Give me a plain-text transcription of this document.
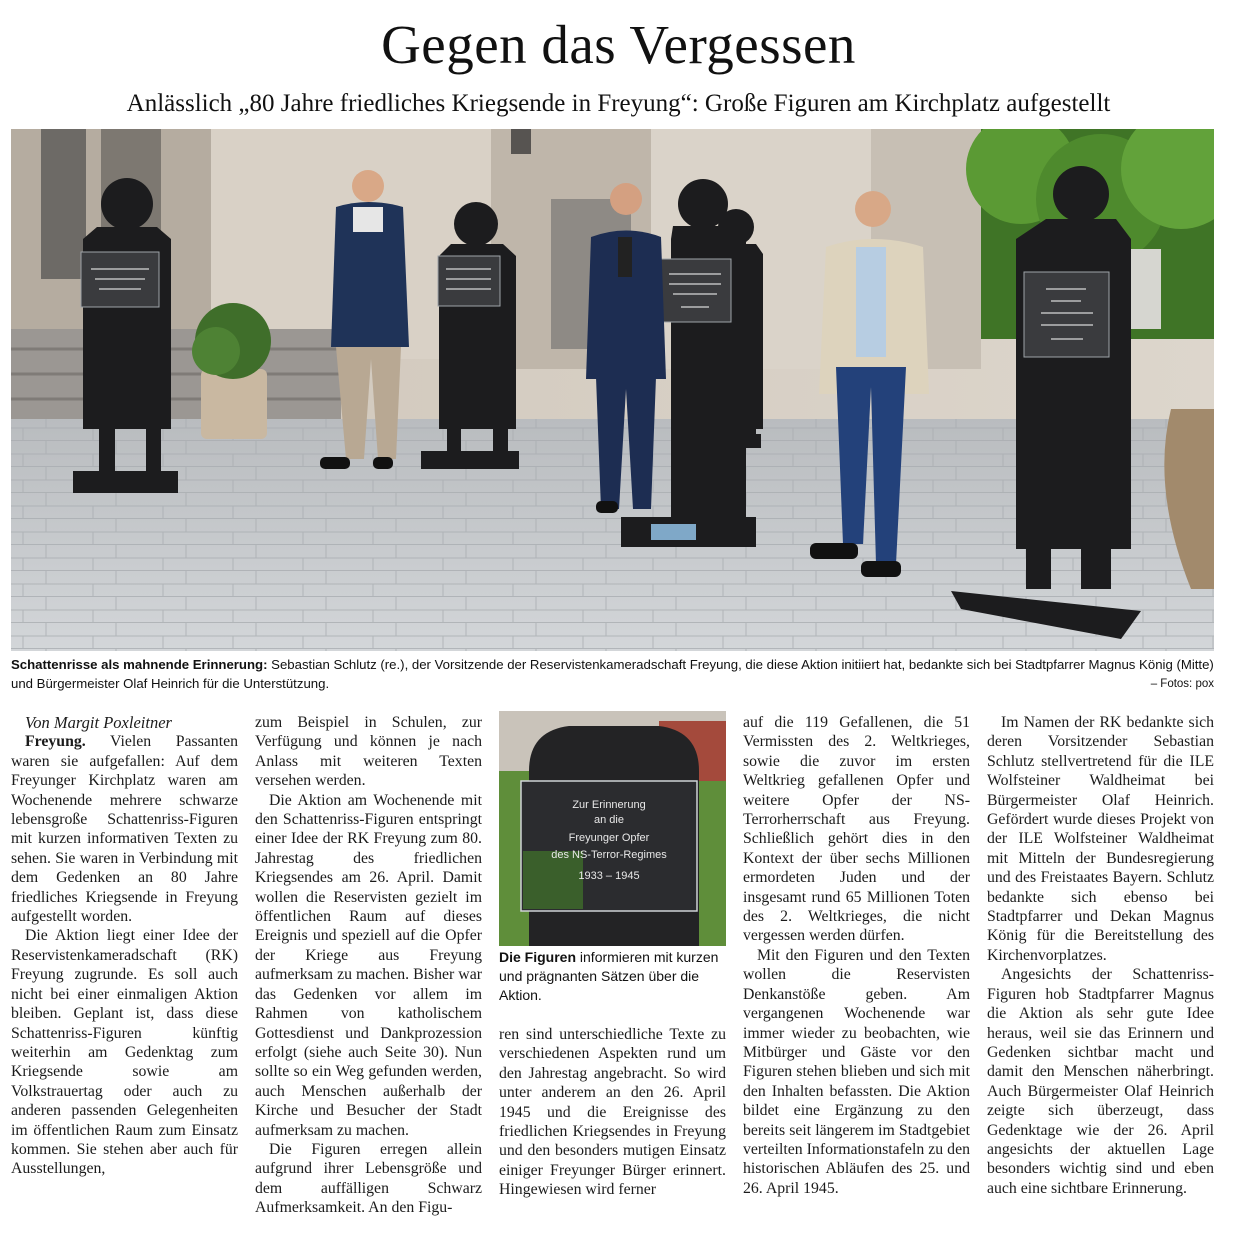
Gegen das Vergessen
Anlässlich „80 Jahre friedliches Kriegsende in Freyung“: Große Figuren am Kirchplatz aufgestellt
Schattenrisse als mahnende Erinnerung: Sebastian Schlutz (re.), der Vorsitzende der Reservistenkameradschaft Freyung, die diese Aktion initiiert hat, bedankte sich bei Stadtpfarrer Magnus König (Mitte) und Bürgermeister Olaf Heinrich für die Unterstützung.	– Fotos: pox

Von Margit Poxleitner

Freyung. Vielen Passanten waren sie aufgefallen: Auf dem Freyunger Kirchplatz waren am Wochenende mehrere schwarze lebensgroße Schattenriss-Figuren mit kurzen informativen Texten zu sehen. Sie waren in Verbindung mit dem Gedenken an 80 Jahre friedliches Kriegsende in Freyung aufgestellt worden.

Die Aktion liegt einer Idee der Reservistenkameradschaft (RK) Freyung zugrunde. Es soll auch nicht bei einer einmaligen Aktion bleiben. Geplant ist, dass diese Schattenriss-Figuren künftig weiterhin am Gedenktag zum Kriegsende sowie am Volkstrauertag oder auch zu anderen passenden Gelegenheiten im öffentlichen Raum zum Einsatz kommen. Sie stehen aber auch für Ausstellungen,

zum Beispiel in Schulen, zur Verfügung und können je nach Anlass mit weiteren Texten versehen werden.

Die Aktion am Wochenende mit den Schattenriss-Figuren entspringt einer Idee der RK Freyung zum 80. Jahrestag des friedlichen Kriegsendes am 26. April. Damit wollen die Reservisten gezielt im öffentlichen Raum auf dieses Ereignis und speziell auf die Opfer der Kriege aus Freyung aufmerksam zu machen. Bisher war das Gedenken vor allem im Rahmen von katholischem Gottesdienst und Dankprozession erfolgt (siehe auch Seite 30). Nun sollte so ein Weg gefunden werden, auch Menschen außerhalb der Kirche und Besucher der Stadt aufmerksam zu machen.

Die Figuren erregen allein aufgrund ihrer Lebensgröße und dem auffälligen Schwarz Aufmerksamkeit. An den Figu-

Zur Erinnerung
an die
Freyunger Opfer
des NS-Terror-Regimes
1933 – 1945
Die Figuren informieren mit kurzen und prägnanten Sätzen über die Aktion.

ren sind unterschiedliche Texte zu verschiedenen Aspekten rund um den Jahrestag angebracht. So wird unter anderem an den 26. April 1945 und die Ereignisse des friedlichen Kriegsendes in Freyung und den besonders mutigen Einsatz einiger Freyunger Bürger erinnert. Hingewiesen wird ferner

auf die 119 Gefallenen, die 51 Vermissten des 2. Weltkrieges, sowie die zuvor im ersten Weltkrieg gefallenen Opfer und weitere Opfer der NS-Terrorherrschaft aus Freyung. Schließlich gehört dies in den Kontext der über sechs Millionen ermordeten Juden und der insgesamt rund 65 Millionen Toten des 2. Weltkrieges, die nicht vergessen werden dürfen.

Mit den Figuren und den Texten wollen die Reservisten Denkanstöße geben. Am vergangenen Wochenende war immer wieder zu beobachten, wie Mitbürger und Gäste vor den Figuren stehen blieben und sich mit den Inhalten befassten. Die Aktion bildet eine Ergänzung zu den bereits seit längerem im Stadtgebiet verteilten Informationstafeln zu den historischen Abläufen des 25. und 26. April 1945.

Im Namen der RK bedankte sich deren Vorsitzender Sebastian Schlutz stellvertretend für die ILE Wolfsteiner Waldheimat bei Bürgermeister Olaf Heinrich. Gefördert wurde dieses Projekt von der ILE Wolfsteiner Waldheimat mit Mitteln der Bundesregierung und des Freistaates Bayern. Schlutz bedankte sich ebenso bei Stadtpfarrer und Dekan Magnus König für die Bereitstellung des Kirchenvorplatzes.

Angesichts der Schattenriss-Figuren hob Stadtpfarrer Magnus die Aktion als sehr gute Idee heraus, weil sie das Erinnern und Gedenken sichtbar macht und damit den Menschen näherbringt. Auch Bürgermeister Olaf Heinrich zeigte sich überzeugt, dass Gedenktage wie der 26. April angesichts der aktuellen Lage besonders wichtig sind und eben auch eine sichtbare Erinnerung.
